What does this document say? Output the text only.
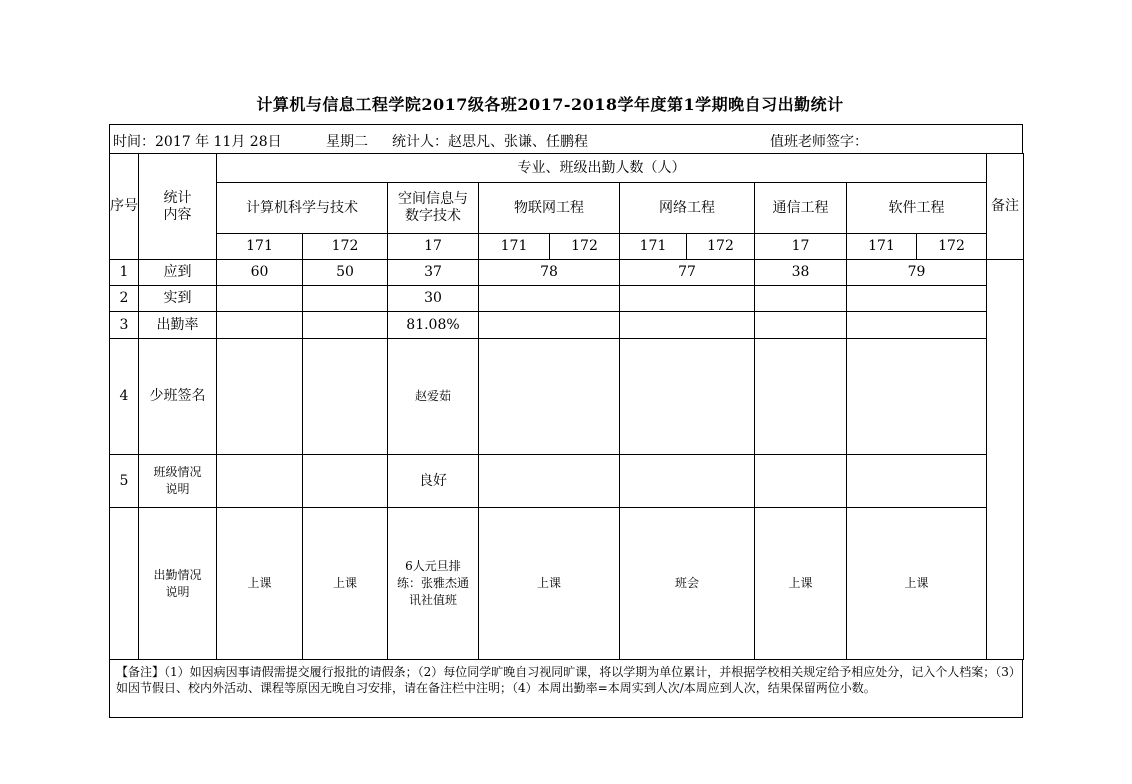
计算机与信息工程学院2017级各班2017-2018学年度第1学期晚自习出勤统计
时间：2017 年 11月 28日	星期二 统计人：赵思凡、张谦、任鹏程	值班老师签字：
序号	统计内容	专业、班级出勤人数（人）										备注
		计算机科学与技术		空间信息与数字技术	物联网工程		网络工程		通信工程	软件工程		
		171	172	17	171	172	171	172	17	171	172	
1	应到	60	50	37	78		77		38	79		
2	实到			30								
3	出勤率			81.08%								
4	少班签名			赵爱茹								
5	班级情况说明			良好								

	出勤情况说明	上课	上课	6人元旦排练：张雅杰通讯社值班	上课		班会		上课	上课		
【备注】（1）如因病因事请假需提交履行报批的请假条；（2）每位同学旷晚自习视同旷课，将以学期为单位累计，并根据学校相关规定给予相应处分，记入个人档案；（3）如因节假日、校内外活动、课程等原因无晚自习安排，请在备注栏中注明；（4）本周出勤率=本周实到人次/本周应到人次，结果保留两位小数。
